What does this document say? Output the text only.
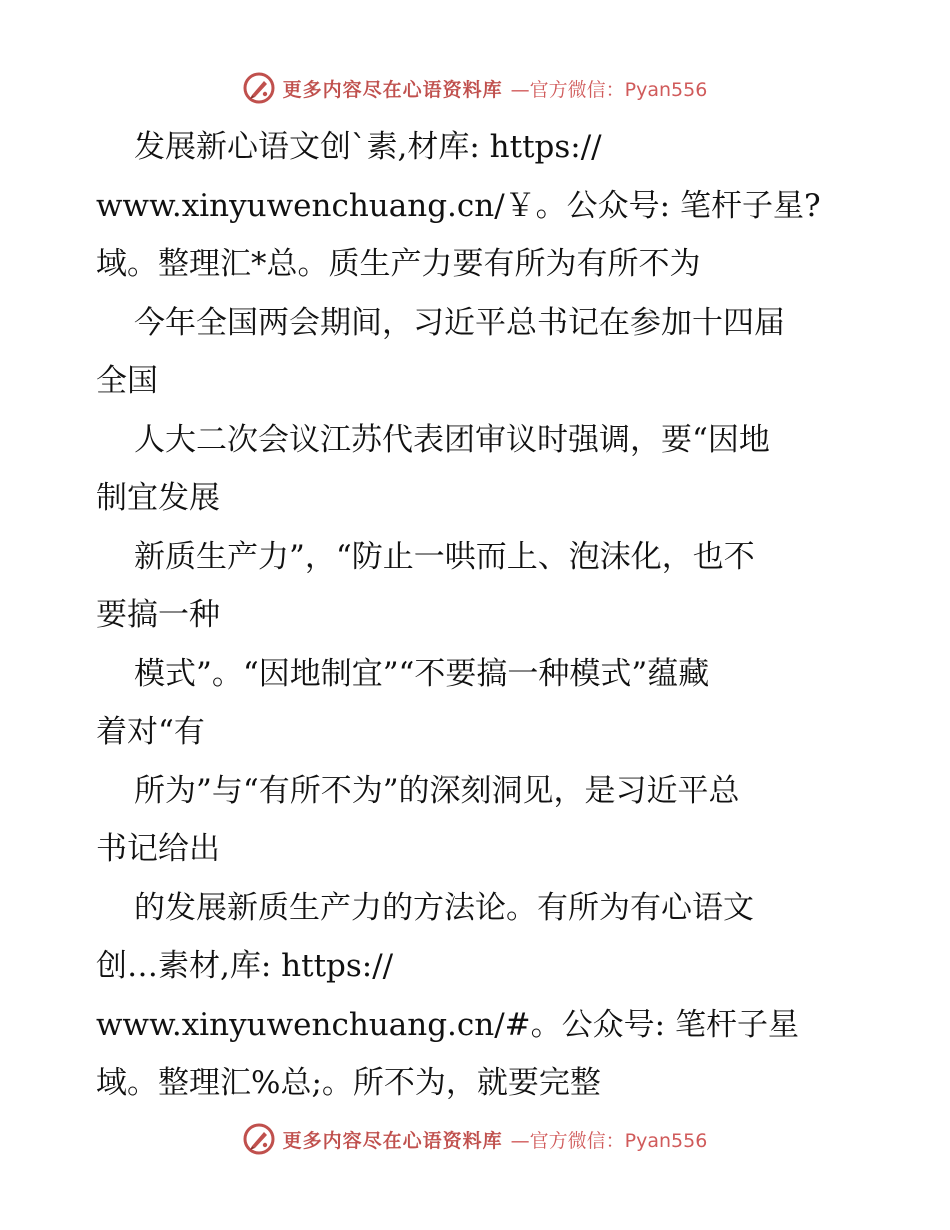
更多内容尽在心语资料库 —官方微信：Pyan556
发展新心语文创`素,材库: https://
www.xinyuwenchuang.cn/￥。公众号: 笔杆子星?
域。整理汇*总。质生产力要有所为有所不为
今年全国两会期间，习近平总书记在参加十四届
全国
人大二次会议江苏代表团审议时强调，要“因地
制宜发展
新质生产力”，“防止一哄而上、泡沫化，也不
要搞一种
模式”。“因地制宜”“不要搞一种模式”蕴藏
着对“有
所为”与“有所不为”的深刻洞见，是习近平总
书记给出
的发展新质生产力的方法论。有所为有心语文
创…素材,库: https://
www.xinyuwenchuang.cn/#。公众号: 笔杆子星
域。整理汇%总;。所不为，就要完整
更多内容尽在心语资料库 —官方微信：Pyan556
